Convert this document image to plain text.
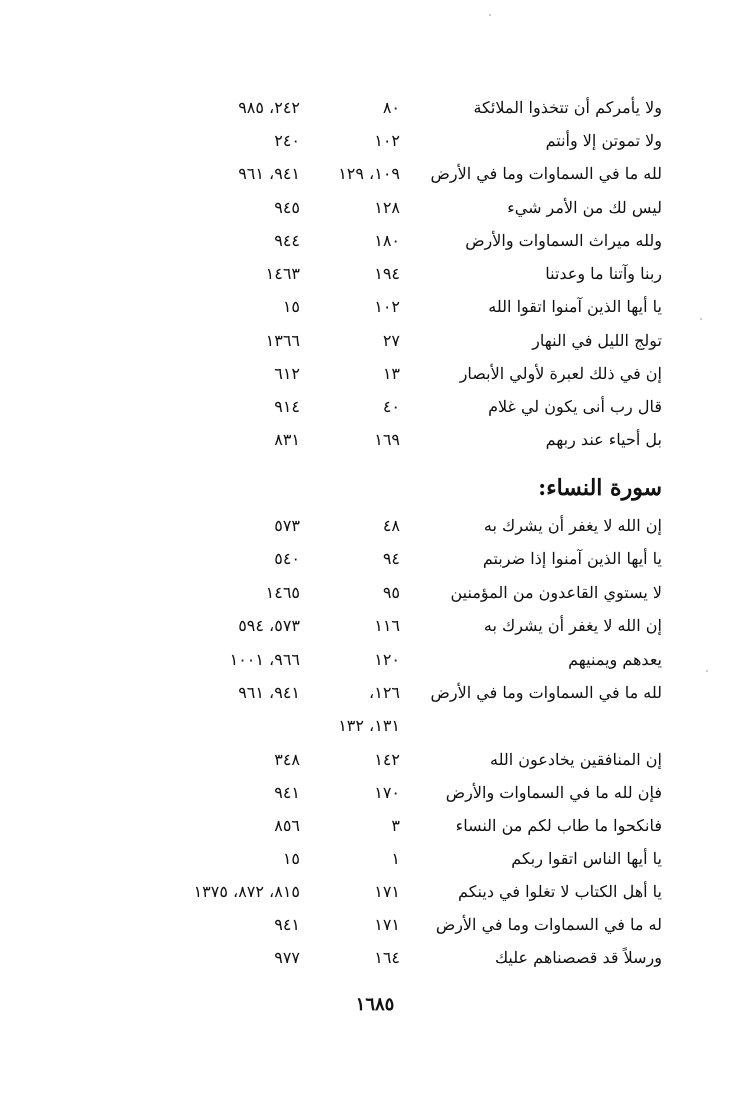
ولا يأمركم أن تتخذوا الملائكة
٨٠
٢٤٢، ٩٨٥
ولا تموتن إلا وأنتم
١٠٢
٢٤٠
لله ما في السماوات وما في الأرض
١٠٩، ١٢٩
٩٤١، ٩٦١
ليس لك من الأمر شيء
١٢٨
٩٤٥
ولله ميراث السماوات والأرض
١٨٠
٩٤٤
ربنا وآتنا ما وعدتنا
١٩٤
١٤٦٣
يا أيها الذين آمنوا اتقوا الله
١٠٢
١٥
تولج الليل في النهار
٢٧
١٣٦٦
إن في ذلك لعبرة لأولي الأبصار
١٣
٦١٢
قال رب أنى يكون لي غلام
٤٠
٩١٤
بل أحياء عند ربهم
١٦٩
٨٣١
سورة النساء:
إن الله لا يغفر أن يشرك به
٤٨
٥٧٣
يا أيها الذين آمنوا إذا ضربتم
٩٤
٥٤٠
لا يستوي القاعدون من المؤمنين
٩٥
١٤٦٥
إن الله لا يغفر أن يشرك به
١١٦
٥٧٣، ٥٩٤
يعدهم ويمنيهم
١٢٠
٩٦٦، ١٠٠١
لله ما في السماوات وما في الأرض
١٢٦،
٩٤١، ٩٦١
١٣١، ١٣٢
إن المنافقين يخادعون الله
١٤٢
٣٤٨
فإن لله ما في السماوات والأرض
١٧٠
٩٤١
فانكحوا ما طاب لكم من النساء
٣
٨٥٦
يا أيها الناس اتقوا ربكم
١
١٥
يا أهل الكتاب لا تغلوا في دينكم
١٧١
٨١٥، ٨٧٢، ١٣٧٥
له ما في السماوات وما في الأرض
١٧١
٩٤١
ورسلاً قد قصصناهم عليك
١٦٤
٩٧٧
١٦٨٥
